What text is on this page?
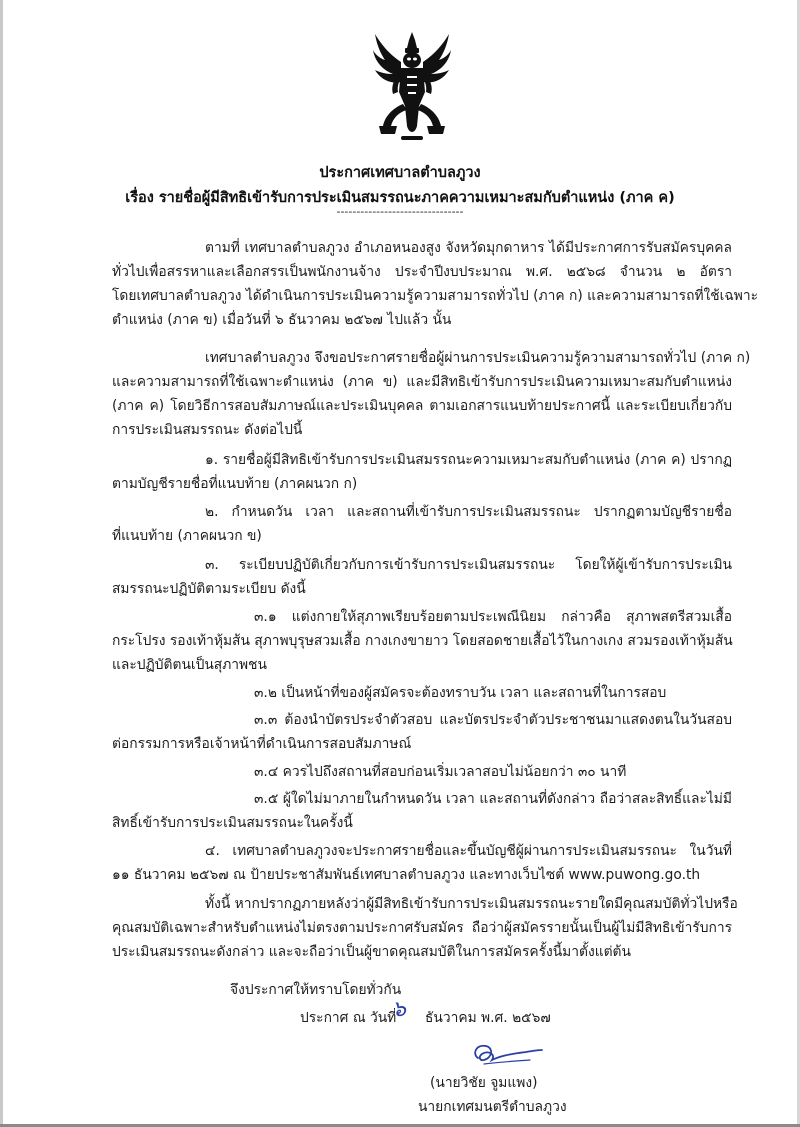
ประกาศเทศบาลตำบลภูวง
เรื่อง รายชื่อผู้มีสิทธิเข้ารับการประเมินสมรรถนะภาคความเหมาะสมกับตำแหน่ง (ภาค ค)
--------------------------------
ตามที่ เทศบาลตำบลภูวง อำเภอหนองสูง จังหวัดมุกดาหาร ได้มีประกาศการรับสมัครบุคคล
ทั่วไปเพื่อสรรหาและเลือกสรรเป็นพนักงานจ้าง ประจำปีงบประมาณ พ.ศ. ๒๕๖๘ จำนวน ๒ อัตรา
โดยเทศบาลตำบลภูวง ได้ดำเนินการประเมินความรู้ความสามารถทั่วไป (ภาค ก) และความสามารถที่ใช้เฉพาะ
ตำแหน่ง (ภาค ข) เมื่อวันที่ ๖ ธันวาคม ๒๕๖๗ ไปแล้ว นั้น
เทศบาลตำบลภูวง จึงขอประกาศรายชื่อผู้ผ่านการประเมินความรู้ความสามารถทั่วไป (ภาค ก)
และความสามารถที่ใช้เฉพาะตำแหน่ง (ภาค ข) และมีสิทธิเข้ารับการประเมินความเหมาะสมกับตำแหน่ง
(ภาค ค) โดยวิธีการสอบสัมภาษณ์และประเมินบุคคล ตามเอกสารแนบท้ายประกาศนี้ และระเบียบเกี่ยวกับ
การประเมินสมรรถนะ ดังต่อไปนี้
๑. รายชื่อผู้มีสิทธิเข้ารับการประเมินสมรรถนะความเหมาะสมกับตำแหน่ง (ภาค ค) ปรากฏ
ตามบัญชีรายชื่อที่แนบท้าย (ภาคผนวก ก)
๒. กำหนดวัน เวลา และสถานที่เข้ารับการประเมินสมรรถนะ ปรากฏตามบัญชีรายชื่อ
ที่แนบท้าย (ภาคผนวก ข)
๓. ระเบียบปฏิบัติเกี่ยวกับการเข้ารับการประเมินสมรรถนะ โดยให้ผู้เข้ารับการประเมิน
สมรรถนะปฏิบัติตามระเบียบ ดังนี้
๓.๑ แต่งกายให้สุภาพเรียบร้อยตามประเพณีนิยม กล่าวคือ สุภาพสตรีสวมเสื้อ
กระโปรง รองเท้าหุ้มส้น สุภาพบุรุษสวมเสื้อ กางเกงขายาว โดยสอดชายเสื้อไว้ในกางเกง สวมรองเท้าหุ้มส้น
และปฏิบัติตนเป็นสุภาพชน
๓.๒ เป็นหน้าที่ของผู้สมัครจะต้องทราบวัน เวลา และสถานที่ในการสอบ
๓.๓ ต้องนำบัตรประจำตัวสอบ และบัตรประจำตัวประชาชนมาแสดงตนในวันสอบ
ต่อกรรมการหรือเจ้าหน้าที่ดำเนินการสอบสัมภาษณ์
๓.๔ ควรไปถึงสถานที่สอบก่อนเริ่มเวลาสอบไม่น้อยกว่า ๓๐ นาที
๓.๕ ผู้ใดไม่มาภายในกำหนดวัน เวลา และสถานที่ดังกล่าว ถือว่าสละสิทธิ์และไม่มี
สิทธิ์เข้ารับการประเมินสมรรถนะในครั้งนี้
๔. เทศบาลตำบลภูวงจะประกาศรายชื่อและขึ้นบัญชีผู้ผ่านการประเมินสมรรถนะ ในวันที่
๑๑ ธันวาคม ๒๕๖๗ ณ ป้ายประชาสัมพันธ์เทศบาลตำบลภูวง และทางเว็บไซต์ www.puwong.go.th
ทั้งนี้ หากปรากฏภายหลังว่าผู้มีสิทธิเข้ารับการประเมินสมรรถนะรายใดมีคุณสมบัติทั่วไปหรือ
คุณสมบัติเฉพาะสำหรับตำแหน่งไม่ตรงตามประกาศรับสมัคร ถือว่าผู้สมัครรายนั้นเป็นผู้ไม่มีสิทธิเข้ารับการ
ประเมินสมรรถนะดังกล่าว และจะถือว่าเป็นผู้ขาดคุณสมบัติในการสมัครครั้งนี้มาตั้งแต่ต้น
จึงประกาศให้ทราบโดยทั่วกัน
ประกาศ ณ วันที่
๖ ธันวาคม พ.ศ. ๒๕๖๗
(นายวิชัย จูมแพง)
นายกเทศมนตรีตำบลภูวง
